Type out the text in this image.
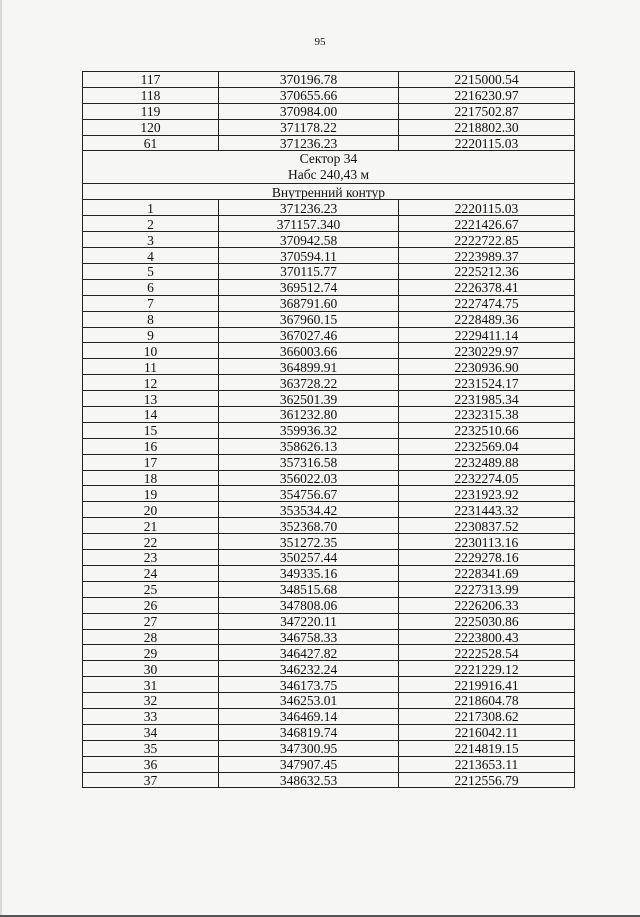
95
117	370196.78	2215000.54
118	370655.66	2216230.97
119	370984.00	2217502.87
120	371178.22	2218802.30
61	371236.23	2220115.03
Сектор 34
Набс 240,43 м		
Внутренний контур		
1	371236.23	2220115.03
2	371157.340	2221426.67
3	370942.58	2222722.85
4	370594.11	2223989.37
5	370115.77	2225212.36
6	369512.74	2226378.41
7	368791.60	2227474.75
8	367960.15	2228489.36
9	367027.46	2229411.14
10	366003.66	2230229.97
11	364899.91	2230936.90
12	363728.22	2231524.17
13	362501.39	2231985.34
14	361232.80	2232315.38
15	359936.32	2232510.66
16	358626.13	2232569.04
17	357316.58	2232489.88
18	356022.03	2232274.05
19	354756.67	2231923.92
20	353534.42	2231443.32
21	352368.70	2230837.52
22	351272.35	2230113.16
23	350257.44	2229278.16
24	349335.16	2228341.69
25	348515.68	2227313.99
26	347808.06	2226206.33
27	347220.11	2225030.86
28	346758.33	2223800.43
29	346427.82	2222528.54
30	346232.24	2221229.12
31	346173.75	2219916.41
32	346253.01	2218604.78
33	346469.14	2217308.62
34	346819.74	2216042.11
35	347300.95	2214819.15
36	347907.45	2213653.11
37	348632.53	2212556.79
